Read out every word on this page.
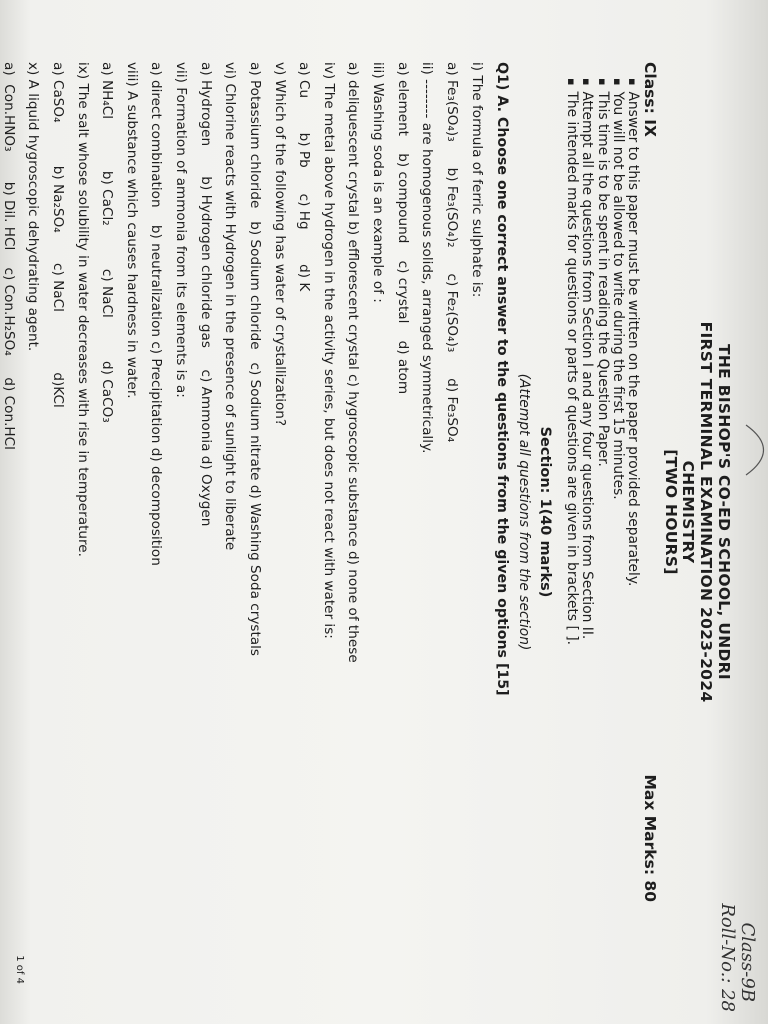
THE BISHOP'S CO-ED SCHOOL, UNDRI
FIRST TERMINAL EXAMINATION 2023-2024
CHEMISTRY
[TWO HOURS]
Class: IX
Max Marks: 80
▪ Answer to this paper must be written on the paper provided separately.
▪ You will not be allowed to write during the first 15 minutes.
▪ This time is to be spent in reading the Question Paper.
▪ Attempt all the questions from Section I and any four questions from Section II.
▪ The intended marks for questions or parts of questions are given in brackets [ ].
Section: 1(40 marks)
(Attempt all questions from the section)
Q1) A. Choose one correct answer to the questions from the given options [15]
i) The formula of ferric sulphate is:
a) Fe₃(SO₄)₃      b) Fe₃(SO₄)₂      c) Fe₂(SO₄)₃      d) Fe₃SO₄
ii) -------- are homogenous solids, arranged symmetrically.
a) element    b) compound    c) crystal    d) atom
iii) Washing soda is an example of :
a) deliquescent crystal b) efflorescent crystal c) hygroscopic substance d) none of these
iv) The metal above hydrogen in the activity series, but does not react with water is:
a) Cu        b) Pb      c) Hg        d) K
v) Which of the following has water of crystallization?
a) Potassium chloride   b) Sodium chloride   c) Sodium nitrate d) Washing Soda crystals
vi) Chlorine reacts with Hydrogen in the presence of sunlight to liberate
a) Hydrogen       b) Hydrogen chloride gas     c) Ammonia d) Oxygen
vii) Formation of ammonia from its elements is a:
a) direct combination    b) neutralization c) Precipitation d) decomposition
viii) A substance which causes hardness in water.
a) NH₄Cl            b) CaCl₂          c) NaCl          d) CaCO₃
ix) The salt whose solubility in water decreases with rise in temperature.
a) CaSO₄          b) Na₂SO₄       c) NaCl              d)KCl
x) A liquid hygroscopic dehydrating agent.
a)  Con.HNO₃       b) Dil. HCl    c) Con.H₂SO₄     d) Con.HCl
Class-9B
Roll-No.: 28
1 of 4
